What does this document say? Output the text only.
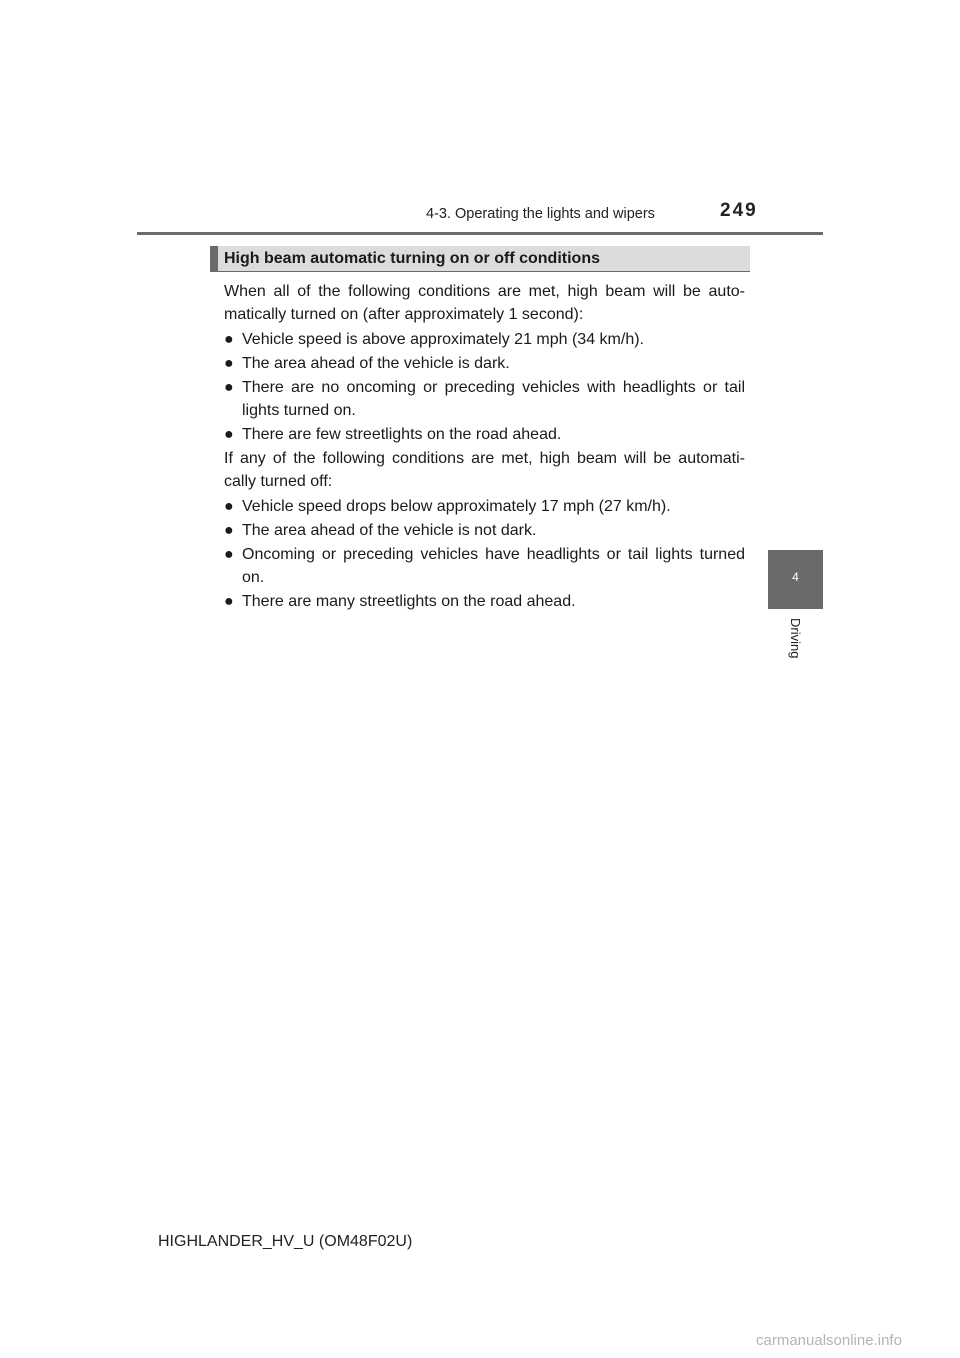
4-3. Operating the lights and wipers	249
High beam automatic turning on or off conditions

When all of the following conditions are met, high beam will be auto-matically turned on (after approximately 1 second):

● Vehicle speed is above approximately 21 mph (34 km/h).
● The area ahead of the vehicle is dark.
● There are no oncoming or preceding vehicles with headlights or tail lights turned on.
● There are few streetlights on the road ahead.

If any of the following conditions are met, high beam will be automati-cally turned off:

● Vehicle speed drops below approximately 17 mph (27 km/h).
● The area ahead of the vehicle is not dark.
● Oncoming or preceding vehicles have headlights or tail lights turned on.
● There are many streetlights on the road ahead.
4
Driving
HIGHLANDER_HV_U (OM48F02U)
carmanualsonline.info
